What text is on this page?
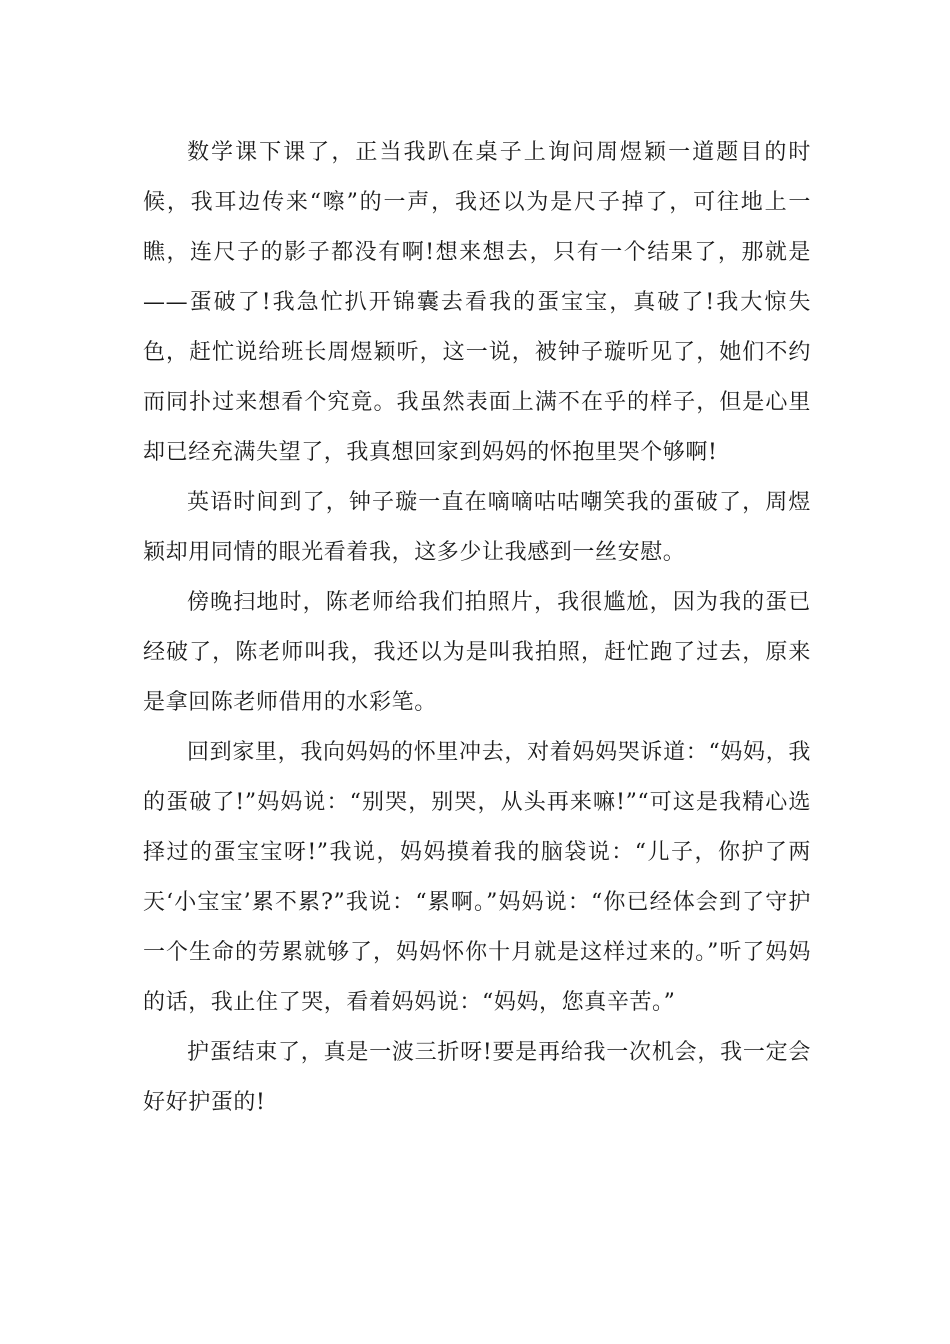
数学课下课了，正当我趴在桌子上询问周煜颖一道题目的时候，我耳边传来“嚓”的一声，我还以为是尺子掉了，可往地上一瞧，连尺子的影子都没有啊!想来想去，只有一个结果了，那就是——蛋破了!我急忙扒开锦囊去看我的蛋宝宝，真破了!我大惊失色，赶忙说给班长周煜颖听，这一说，被钟子璇听见了，她们不约而同扑过来想看个究竟。我虽然表面上满不在乎的样子，但是心里却已经充满失望了，我真想回家到妈妈的怀抱里哭个够啊!

英语时间到了，钟子璇一直在嘀嘀咕咕嘲笑我的蛋破了，周煜颖却用同情的眼光看着我，这多少让我感到一丝安慰。

傍晚扫地时，陈老师给我们拍照片，我很尴尬，因为我的蛋已经破了，陈老师叫我，我还以为是叫我拍照，赶忙跑了过去，原来是拿回陈老师借用的水彩笔。

回到家里，我向妈妈的怀里冲去，对着妈妈哭诉道：“妈妈，我的蛋破了!”妈妈说：“别哭，别哭，从头再来嘛!”“可这是我精心选择过的蛋宝宝呀!”我说，妈妈摸着我的脑袋说：“儿子，你护了两天‘小宝宝’累不累?”我说：“累啊。”妈妈说：“你已经体会到了守护一个生命的劳累就够了，妈妈怀你十月就是这样过来的。”听了妈妈的话，我止住了哭，看着妈妈说：“妈妈，您真辛苦。”

护蛋结束了，真是一波三折呀!要是再给我一次机会，我一定会好好护蛋的!
